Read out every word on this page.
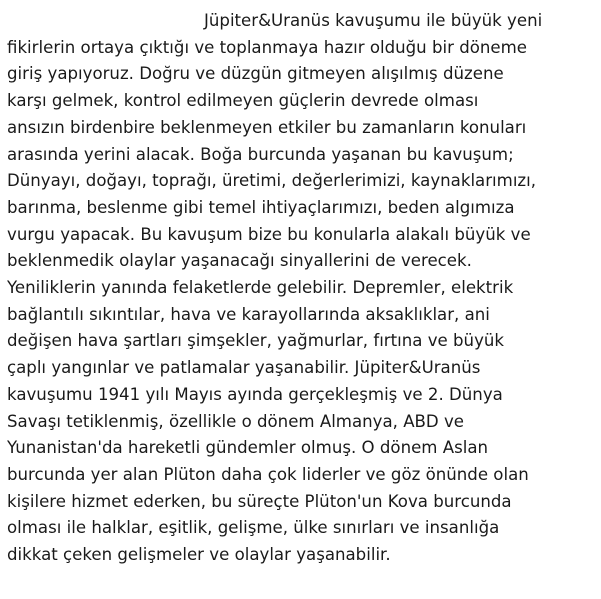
Jüpiter&Uranüs kavuşumu ile büyük yeni
fikirlerin ortaya çıktığı ve toplanmaya hazır olduğu bir döneme
giriş yapıyoruz. Doğru ve düzgün gitmeyen alışılmış düzene
karşı gelmek, kontrol edilmeyen güçlerin devrede olması
ansızın birdenbire beklenmeyen etkiler bu zamanların konuları
arasında yerini alacak. Boğa burcunda yaşanan bu kavuşum;
Dünyayı, doğayı, toprağı, üretimi, değerlerimizi, kaynaklarımızı,
barınma, beslenme gibi temel ihtiyaçlarımızı, beden algımıza
vurgu yapacak. Bu kavuşum bize bu konularla alakalı büyük ve
beklenmedik olaylar yaşanacağı sinyallerini de verecek.
Yeniliklerin yanında felaketlerde gelebilir. Depremler, elektrik
bağlantılı sıkıntılar, hava ve karayollarında aksaklıklar, ani
değişen hava şartları şimşekler, yağmurlar, fırtına ve büyük
çaplı yangınlar ve patlamalar yaşanabilir. Jüpiter&Uranüs
kavuşumu 1941 yılı Mayıs ayında gerçekleşmiş ve 2. Dünya
Savaşı tetiklenmiş, özellikle o dönem Almanya, ABD ve
Yunanistan'da hareketli gündemler olmuş. O dönem Aslan
burcunda yer alan Plüton daha çok liderler ve göz önünde olan
kişilere hizmet ederken, bu süreçte Plüton'un Kova burcunda
olması ile halklar, eşitlik, gelişme, ülke sınırları ve insanlığa
dikkat çeken gelişmeler ve olaylar yaşanabilir.
